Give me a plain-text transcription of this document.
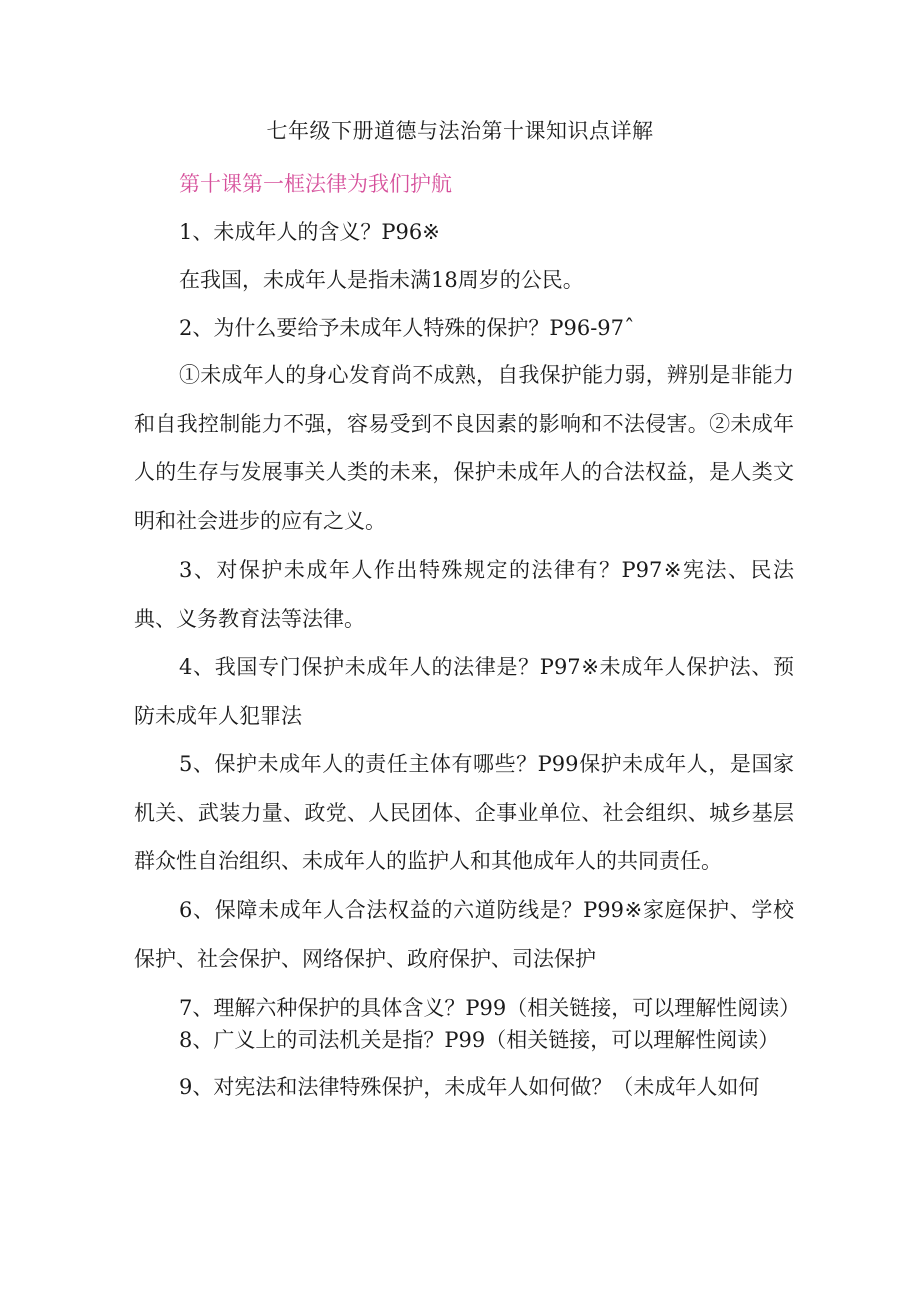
七年级下册道德与法治第十课知识点详解
第十课第一框法律为我们护航
1、未成年人的含义？P96※
在我国，未成年人是指未满18周岁的公民。
2、为什么要给予未成年人特殊的保护？P96-97ˆ

①未成年人的身心发育尚不成熟，自我保护能力弱，辨别是非能力和自我控制能力不强，容易受到不良因素的影响和不法侵害。②未成年人的生存与发展事关人类的未来，保护未成年人的合法权益，是人类文明和社会进步的应有之义。

3、对保护未成年人作出特殊规定的法律有？P97※宪法、民法典、义务教育法等法律。

4、我国专门保护未成年人的法律是？P97※未成年人保护法、预防未成年人犯罪法

5、保护未成年人的责任主体有哪些？P99保护未成年人，是国家机关、武装力量、政党、人民团体、企事业单位、社会组织、城乡基层群众性自治组织、未成年人的监护人和其他成年人的共同责任。

6、保障未成年人合法权益的六道防线是？P99※家庭保护、学校保护、社会保护、网络保护、政府保护、司法保护

7、理解六种保护的具体含义？P99（相关链接，可以理解性阅读）
8、广义上的司法机关是指？P99（相关链接，可以理解性阅读）
9、对宪法和法律特殊保护，未成年人如何做？（未成年人如何
